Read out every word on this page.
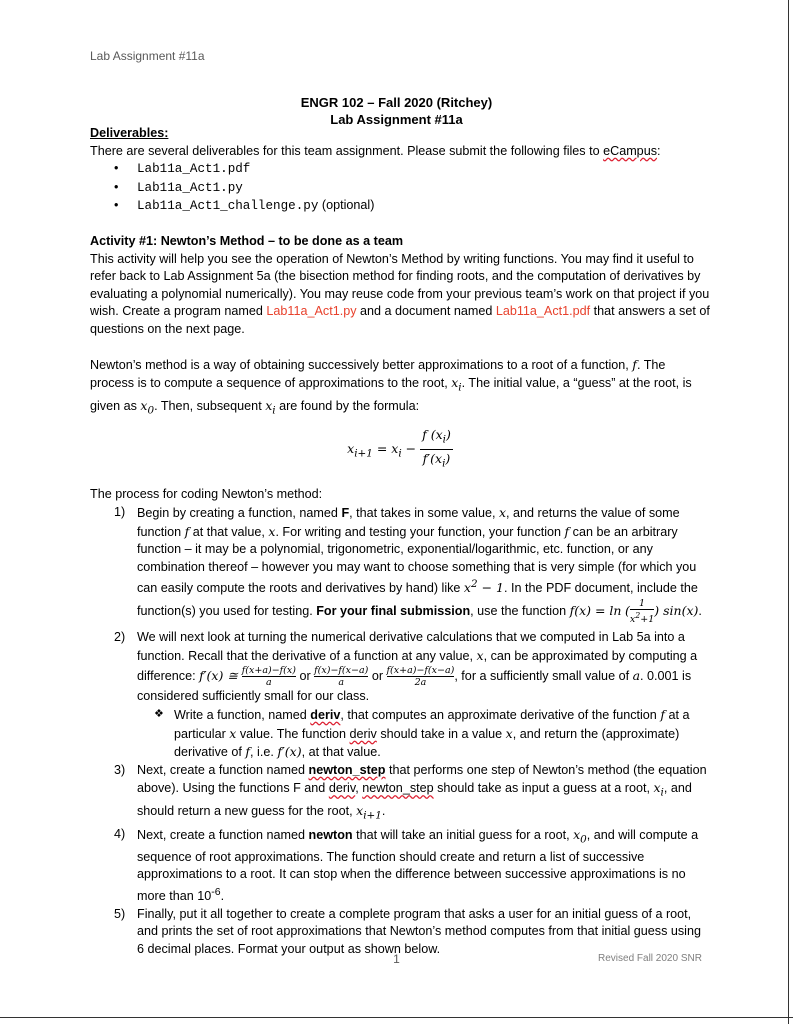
Lab Assignment #11a
ENGR 102 – Fall 2020 (Ritchey)
Lab Assignment #11a

Deliverables:

There are several deliverables for this team assignment. Please submit the following files to eCampus:

• Lab11a_Act1.pdf
• Lab11a_Act1.py
• Lab11a_Act1_challenge.py (optional)

Activity #1: Newton’s Method – to be done as a team

This activity will help you see the operation of Newton’s Method by writing functions. You may find it useful to refer back to Lab Assignment 5a (the bisection method for finding roots, and the computation of derivatives by evaluating a polynomial numerically). You may reuse code from your previous team’s work on that project if you wish. Create a program named Lab11a_Act1.py and a document named Lab11a_Act1.pdf that answers a set of questions on the next page.

Newton’s method is a way of obtaining successively better approximations to a root of a function, f. The process is to compute a sequence of approximations to the root, $x_i$. The initial value, a “guess” at the root, is given as $x_0$. Then, subsequent $x_i$ are found by the formula:

$x_{i+1} = x_i - \frac{f (x_i)}{f'(x_i)}$

The process for coding Newton’s method:

1) Begin by creating a function, named F, that takes in some value, x, and returns the value of some function f at that value, x. For writing and testing your function, your function f can be an arbitrary function – it may be a polynomial, trigonometric, exponential/logarithmic, etc. function, or any combination thereof – however you may want to choose something that is very simple (for which you can easily compute the roots and derivatives by hand) like $x^2 - 1$. In the PDF document, include the function(s) you used for testing. For your final submission, use the function f(x) = ln ( $\frac{1}{x^2+1}$) sin(x).
2) We will next look at turning the numerical derivative calculations that we computed in Lab 5a into a function. Recall that the derivative of a function at any value, x, can be approximated by computing a difference: f′(x) ≅ $\frac{f(x+a)-f(x)}{a}$ or $\frac{f(x)-f(x-a)}{a}$ or $\frac{f(x+a)-f(x-a)}{2a}$, for a sufficiently small value of a. 0.001 is considered sufficiently small for our class.
❖ Write a function, named deriv, that computes an approximate derivative of the function f at a particular x value. The function deriv should take in a value x, and return the (approximate) derivative of f, i.e. f′(x), at that value.
3) Next, create a function named newton_step that performs one step of Newton’s method (the equation above). Using the functions F and deriv, newton_step should take as input a guess at a root, $x_i$, and should return a new guess for the root, $x_{i+1}$.
4) Next, create a function named newton that will take an initial guess for a root, $x_0$, and will compute a sequence of root approximations. The function should create and return a list of successive approximations to a root. It can stop when the difference between successive approximations is no more than $10^{-6}$.
5) Finally, put it all together to create a complete program that asks a user for an initial guess of a root, and prints the set of root approximations that Newton’s method computes from that initial guess using 6 decimal places. Format your output as shown below.
1	Revised Fall 2020 SNR
